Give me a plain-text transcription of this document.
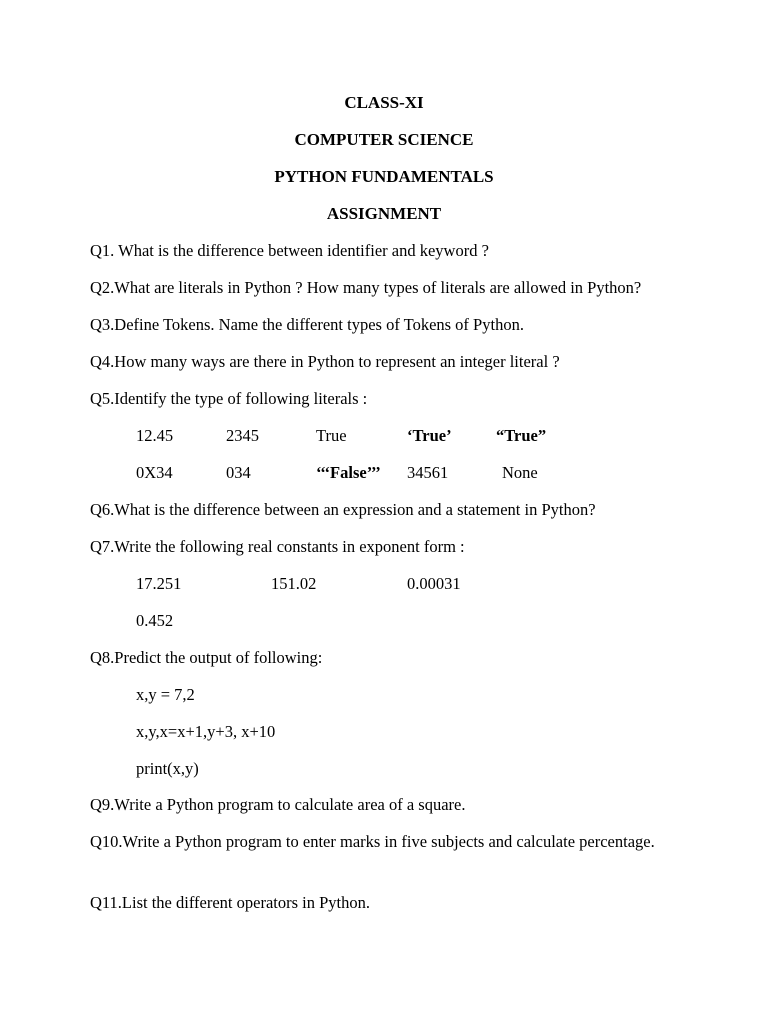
CLASS-XI
COMPUTER SCIENCE
PYTHON FUNDAMENTALS
ASSIGNMENT
Q1. What is the difference between identifier and keyword ?
Q2.What are literals in Python ? How many types of literals are allowed in Python?
Q3.Define Tokens. Name the different types of Tokens of Python.
Q4.How many ways are there in Python to represent an integer literal ?
Q5.Identify the type of following literals :
12.45	2345	True	‘True’	“True”
0X34	034	‘‘‘False’’’ 34561	None
Q6.What is the difference between an expression and a statement in Python?
Q7.Write the following real constants in exponent form :
17.251	151.02	0.00031
0.452
Q8.Predict the output of following:
x,y = 7,2
x,y,x=x+1,y+3, x+10
print(x,y)
Q9.Write a Python program to calculate area of a square.
Q10.Write a Python program to enter marks in five subjects and calculate percentage.
Q11.List the different operators in Python.
